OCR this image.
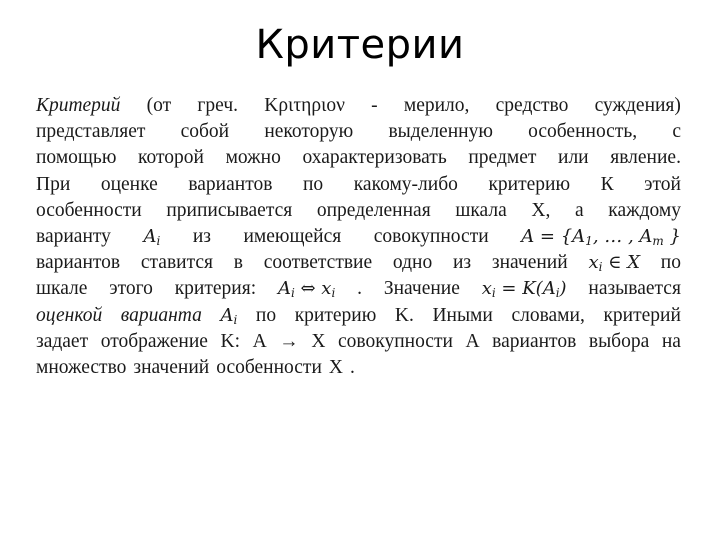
Критерии
Критерий (от греч. Κριτηριον - мерило, средство суждения)
представляет собой некоторую выделенную особенность, с
помощью которой можно охарактеризовать предмет или явление.
При оценке вариантов по какому-либо критерию К этой
особенности приписывается определенная шкала X, а каждому
варианту $A_i$ из имеющейся совокупности $A = \{A_1$, … , $A_m$ }
вариантов ставится в соответствие одно из значений $x_i$ ∈ X по
шкале этого критерия: $A_i$ ⇔ $x_i$ . Значение $x_i = K(A_i)$ называется
оценкой варианта $A_i$ по критерию K. Иными словами, критерий
задает отображение K: A → X совокупности A вариантов выбора на
множество значений особенности X .
